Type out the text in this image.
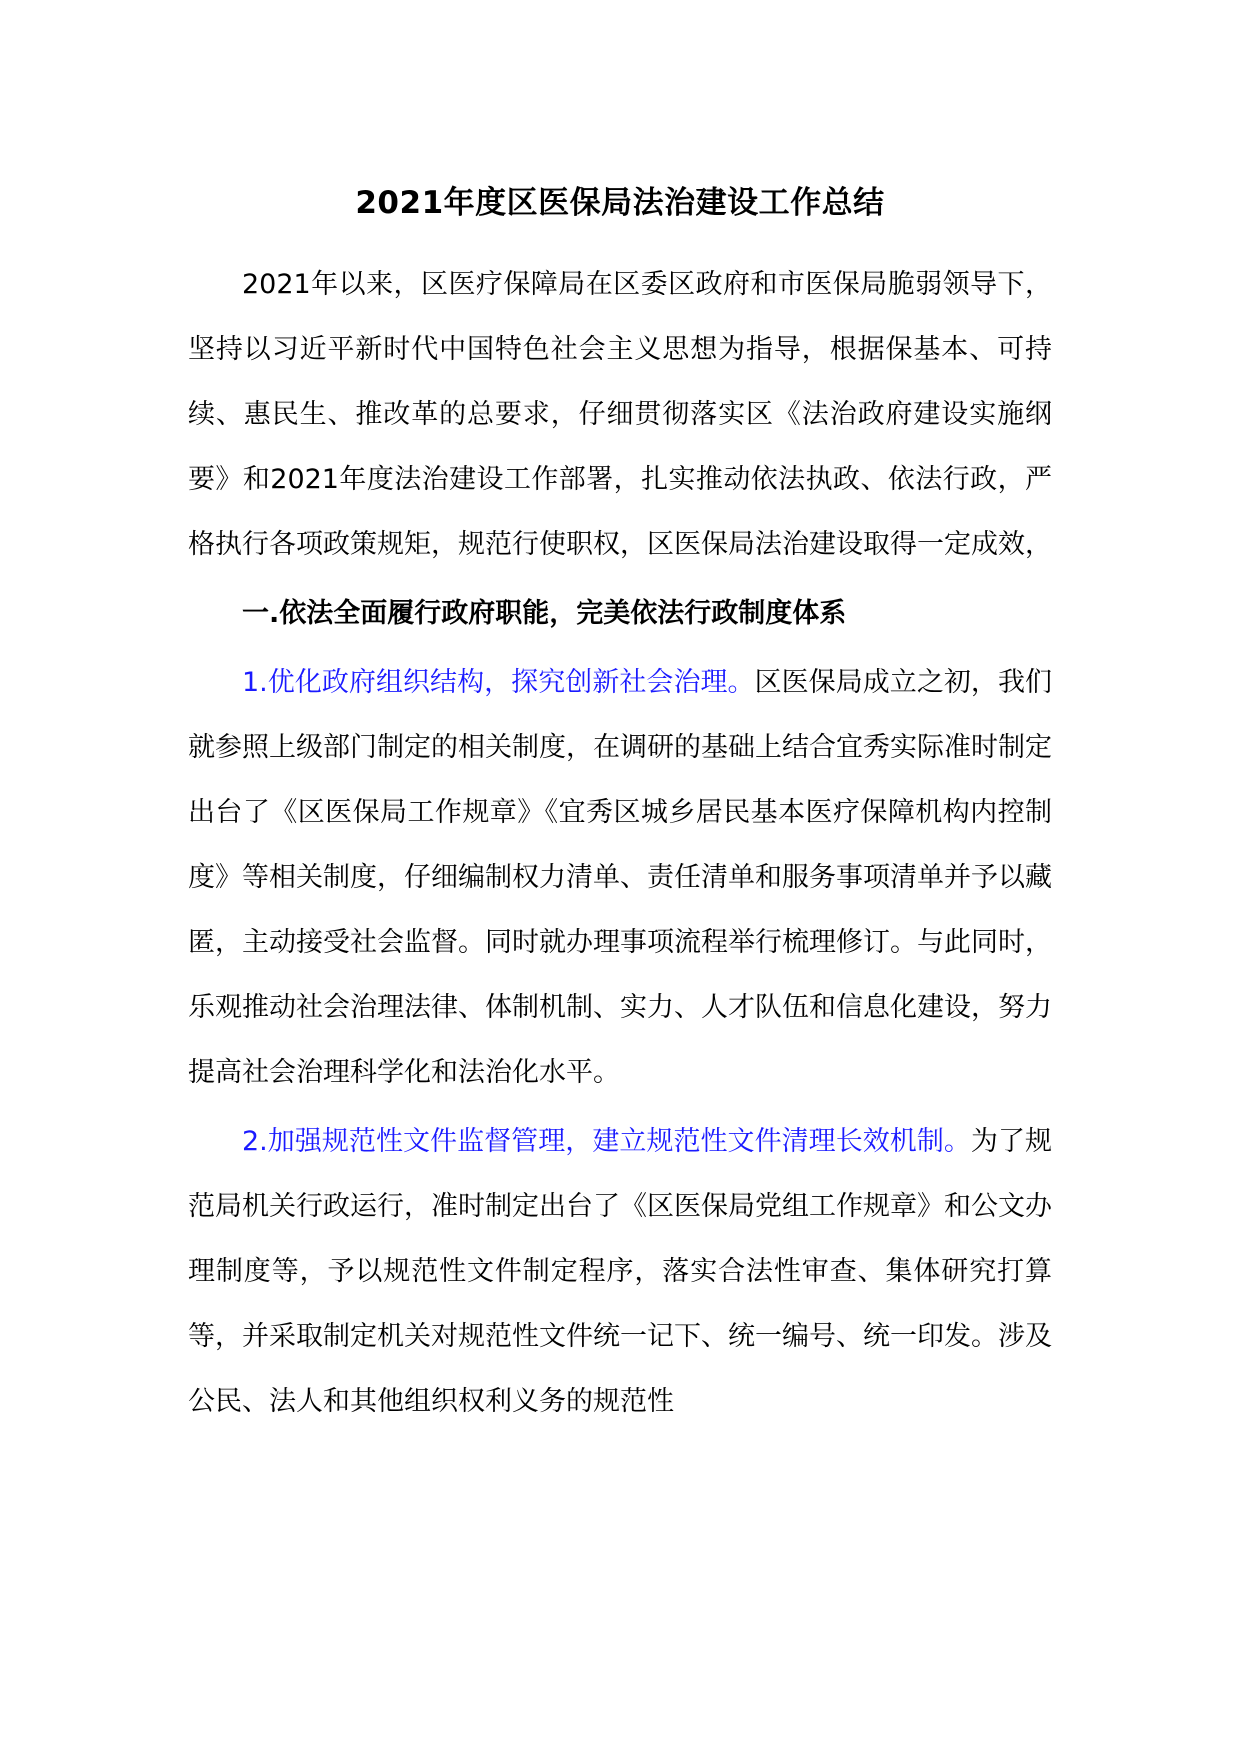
2021年度区医保局法治建设工作总结

2021年以来，区医疗保障局在区委区政府和市医保局脆弱领导下，坚持以习近平新时代中国特色社会主义思想为指导，根据保基本、可持续、惠民生、推改革的总要求，仔细贯彻落实区《法治政府建设实施纲要》和2021年度法治建设工作部署，扎实推动依法执政、依法行政，严格执行各项政策规矩，规范行使职权，区医保局法治建设取得一定成效，

一.依法全面履行政府职能，完美依法行政制度体系

1.优化政府组织结构，探究创新社会治理。区医保局成立之初，我们就参照上级部门制定的相关制度，在调研的基础上结合宜秀实际准时制定出台了《区医保局工作规章》《宜秀区城乡居民基本医疗保障机构内控制度》等相关制度，仔细编制权力清单、责任清单和服务事项清单并予以藏匿，主动接受社会监督。同时就办理事项流程举行梳理修订。与此同时，乐观推动社会治理法律、体制机制、实力、人才队伍和信息化建设，努力提高社会治理科学化和法治化水平。

2.加强规范性文件监督管理，建立规范性文件清理长效机制。为了规范局机关行政运行，准时制定出台了《区医保局党组工作规章》和公文办理制度等，予以规范性文件制定程序，落实合法性审查、集体研究打算等，并采取制定机关对规范性文件统一记下、统一编号、统一印发。涉及公民、法人和其他组织权利义务的规范性
